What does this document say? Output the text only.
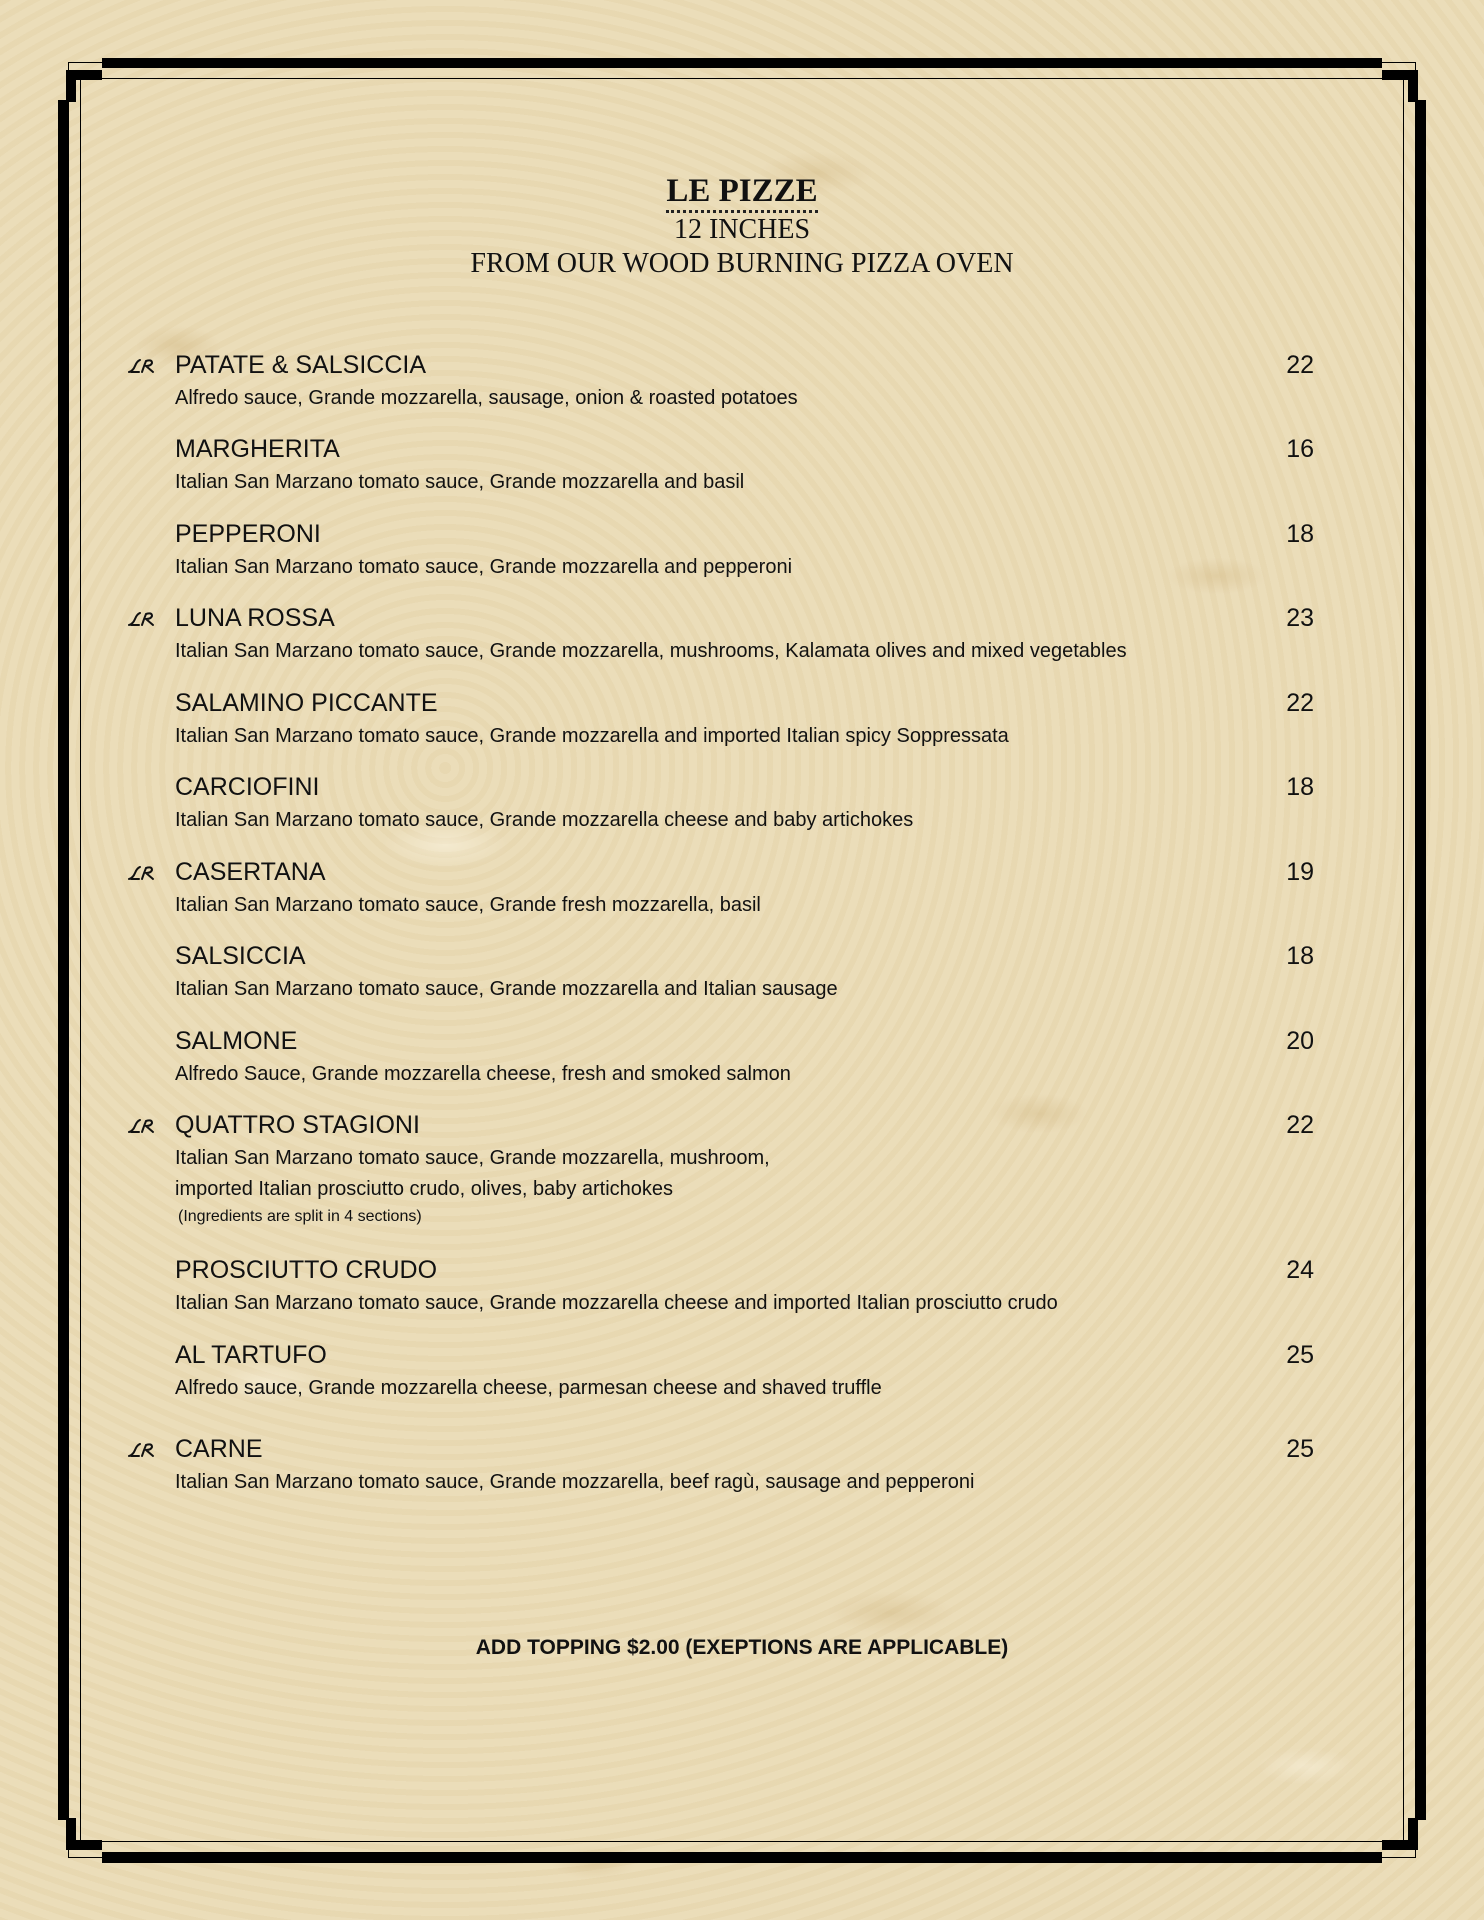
LE PIZZE
12 INCHES
FROM OUR WOOD BURNING PIZZA OVEN
PATATE & SALSICCIA	22
Alfredo sauce, Grande mozzarella, sausage, onion & roasted potatoes
MARGHERITA	16
Italian San Marzano tomato sauce, Grande mozzarella and basil
PEPPERONI	18
Italian San Marzano tomato sauce, Grande mozzarella and pepperoni
LUNA ROSSA	23
Italian San Marzano tomato sauce, Grande mozzarella, mushrooms, Kalamata olives and mixed vegetables
SALAMINO PICCANTE	22
Italian San Marzano tomato sauce, Grande mozzarella and imported Italian spicy Soppressata
CARCIOFINI	18
Italian San Marzano tomato sauce, Grande mozzarella cheese and baby artichokes
CASERTANA	19
Italian San Marzano tomato sauce, Grande fresh mozzarella, basil
SALSICCIA	18
Italian San Marzano tomato sauce, Grande mozzarella and Italian sausage
SALMONE	20
Alfredo Sauce, Grande mozzarella cheese, fresh and smoked salmon
QUATTRO STAGIONI	22
Italian San Marzano tomato sauce, Grande mozzarella, mushroom,
imported Italian prosciutto crudo, olives, baby artichokes
(Ingredients are split in 4 sections)
PROSCIUTTO CRUDO	24
Italian San Marzano tomato sauce, Grande mozzarella cheese and imported Italian prosciutto crudo
AL TARTUFO	25
Alfredo sauce, Grande mozzarella cheese, parmesan cheese and shaved truffle
CARNE	25
Italian San Marzano tomato sauce, Grande mozzarella, beef ragù, sausage and pepperoni
ADD TOPPING $2.00 (EXEPTIONS ARE APPLICABLE)
